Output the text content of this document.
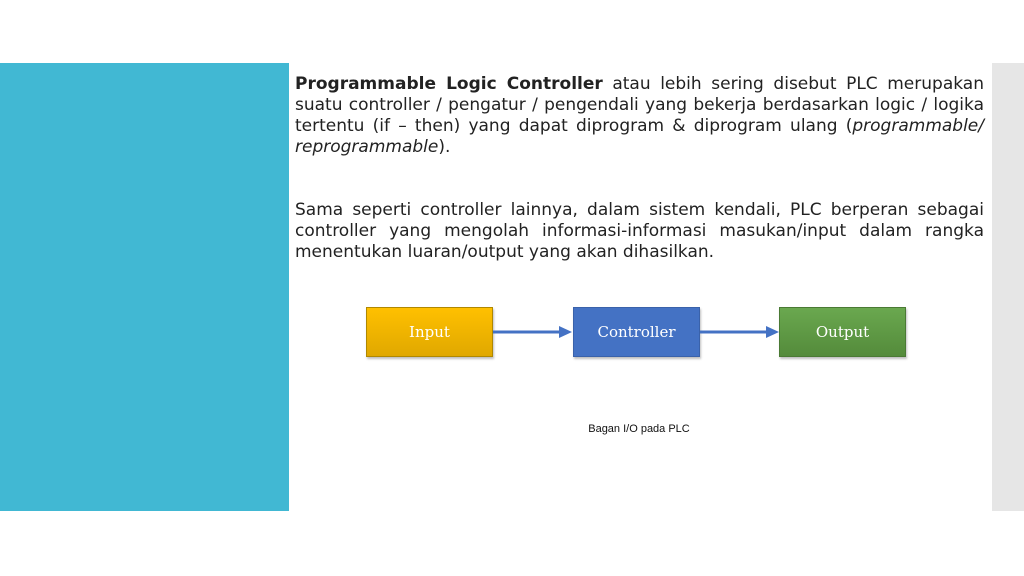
Programmable Logic Controller atau lebih sering disebut PLC merupakan suatu controller / pengatur / pengendali yang bekerja berdasarkan logic / logika tertentu (if – then) yang dapat diprogram & diprogram ulang (programmable/ reprogrammable).

Sama seperti controller lainnya, dalam sistem kendali, PLC berperan sebagai controller yang mengolah informasi-informasi masukan/input dalam rangka menentukan luaran/output yang akan dihasilkan.

Input	Controller	Output
Bagan I/O pada PLC
